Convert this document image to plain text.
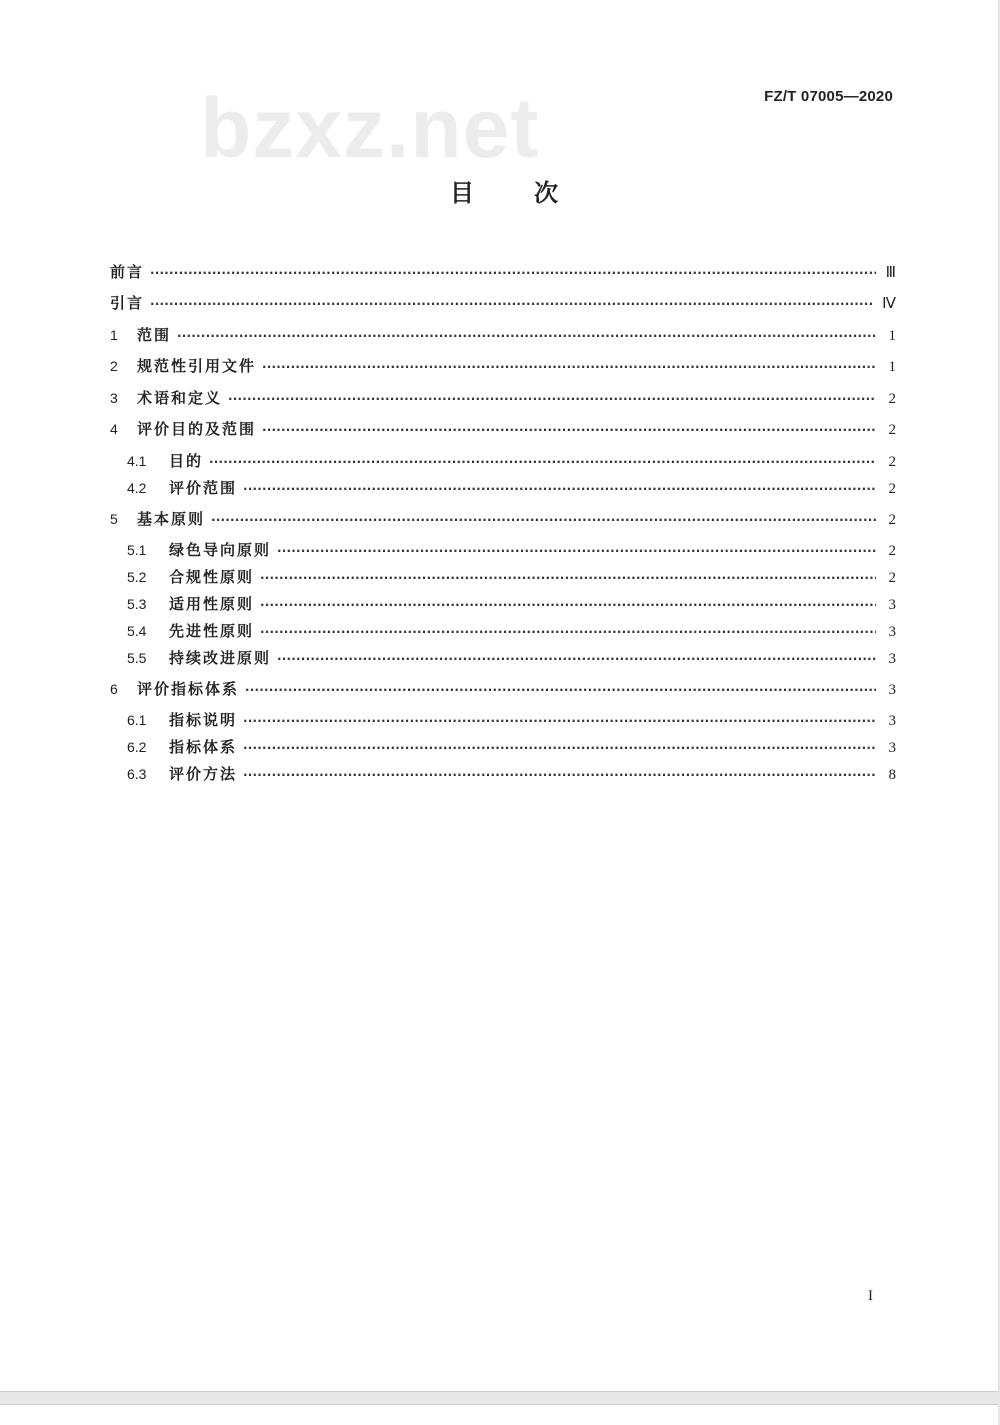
bzxz.net	FZ/T 07005—2020
目	次
前言 ·····	Ⅲ
引言 ·····	Ⅳ
1	范围 ·····	1
2	规范性引用文件 ·····	1
3	术语和定义 ·····	2
4	评价目的及范围 ·····	2
4.1	目的 ·····	2
4.2	评价范围 ·····	2
5	基本原则 ·····	2
5.1	绿色导向原则 ·····	2
5.2	合规性原则 ·····	2
5.3	适用性原则 ·····	3
5.4	先进性原则 ·····	3
5.5	持续改进原则 ·····	3
6	评价指标体系 ·····	3
6.1	指标说明 ·····	3
6.2	指标体系 ·····	3
6.3	评价方法 ·····	8
I
